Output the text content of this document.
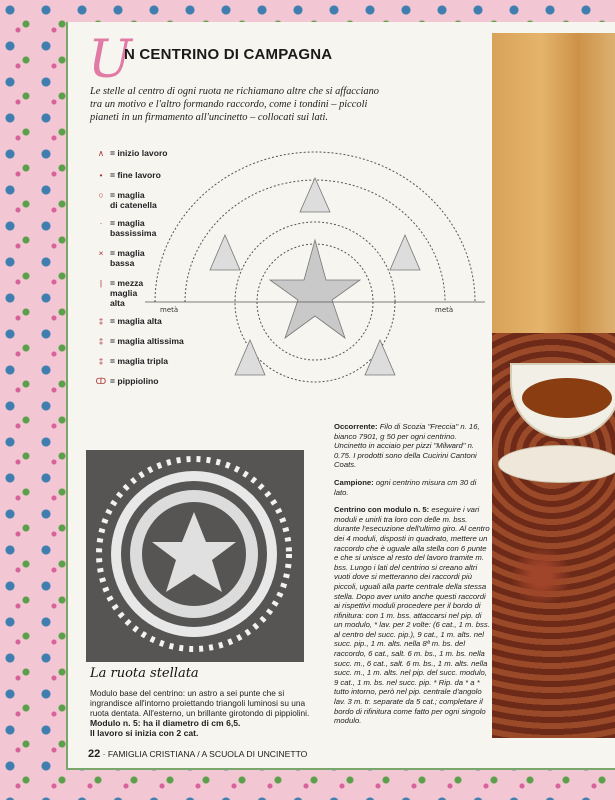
U
N CENTRINO DI CAMPAGNA
Le stelle al centro di ogni ruota ne richiamano altre che si affacciano tra un motivo e l'altro formando raccordo, come i tondini – piccoli pianeti in un firmamento all'uncinetto – collocati sui lati.
∧ = inizio lavoro
• = fine lavoro
○ = maglia
di catenella
· = maglia
bassissima
× = maglia
bassa
| = mezza
maglia
alta
‡ = maglia alta
‡ = maglia altissima
‡ = maglia tripla
ↀ = pippiolino
metà	metà
La ruota stellata
Modulo base del centrino: un astro a sei punte che si ingrandisce all'intorno proiettando triangoli luminosi su una ruota dentata. All'esterno, un brillante girotondo di pippiolini.
Modulo n. 5: ha il diametro di cm 6,5.
Il lavoro si inizia con 2 cat.

Occorrente: Filo di Scozia "Freccia" n. 16, bianco 7901, g 50 per ogni centrino. Uncinetto in acciaio per pizzi "Milward" n. 0.75. I prodotti sono della Cucirini Cantoni Coats.

Campione: ogni centrino misura cm 30 di lato.

Centrino con modulo n. 5: eseguire i vari moduli e unirli tra loro con delle m. bss. durante l'esecuzione dell'ultimo giro. Al centro dei 4 moduli, disposti in quadrato, mettere un raccordo che è uguale alla stella con 6 punte e che si unisce al resto del lavoro tramite m. bss. Lungo i lati del centrino si creano altri vuoti dove si metteranno dei raccordi più piccoli, uguali alla parte centrale della stessa stella. Dopo aver unito anche questi raccordi ai rispettivi moduli procedere per il bordo di rifinitura: con 1 m. bss. attaccarsi nel pip. di un modulo, * lav. per 2 volte: (6 cat., 1 m. bss. al centro del succ. pip.), 9 cat., 1 m. alts. nel succ. pip., 1 m. alts. nella 8ª m. bs. del raccordo, 6 cat., salt. 6 m. bs., 1 m. bs. nella succ. m., 6 cat., salt. 6 m. bs., 1 m. alts. nella succ. m., 1 m. alts. nel pip. del succ. modulo, 9 cat., 1 m. bs. nel succ. pip. * Rip. da * a * tutto intorno, però nel pip. centrale d'angolo lav. 3 m. tr. separate da 5 cat.; completare il bordo di rifinitura come fatto per ogni singolo modulo.

22 · FAMIGLIA CRISTIANA / A SCUOLA DI UNCINETTO
